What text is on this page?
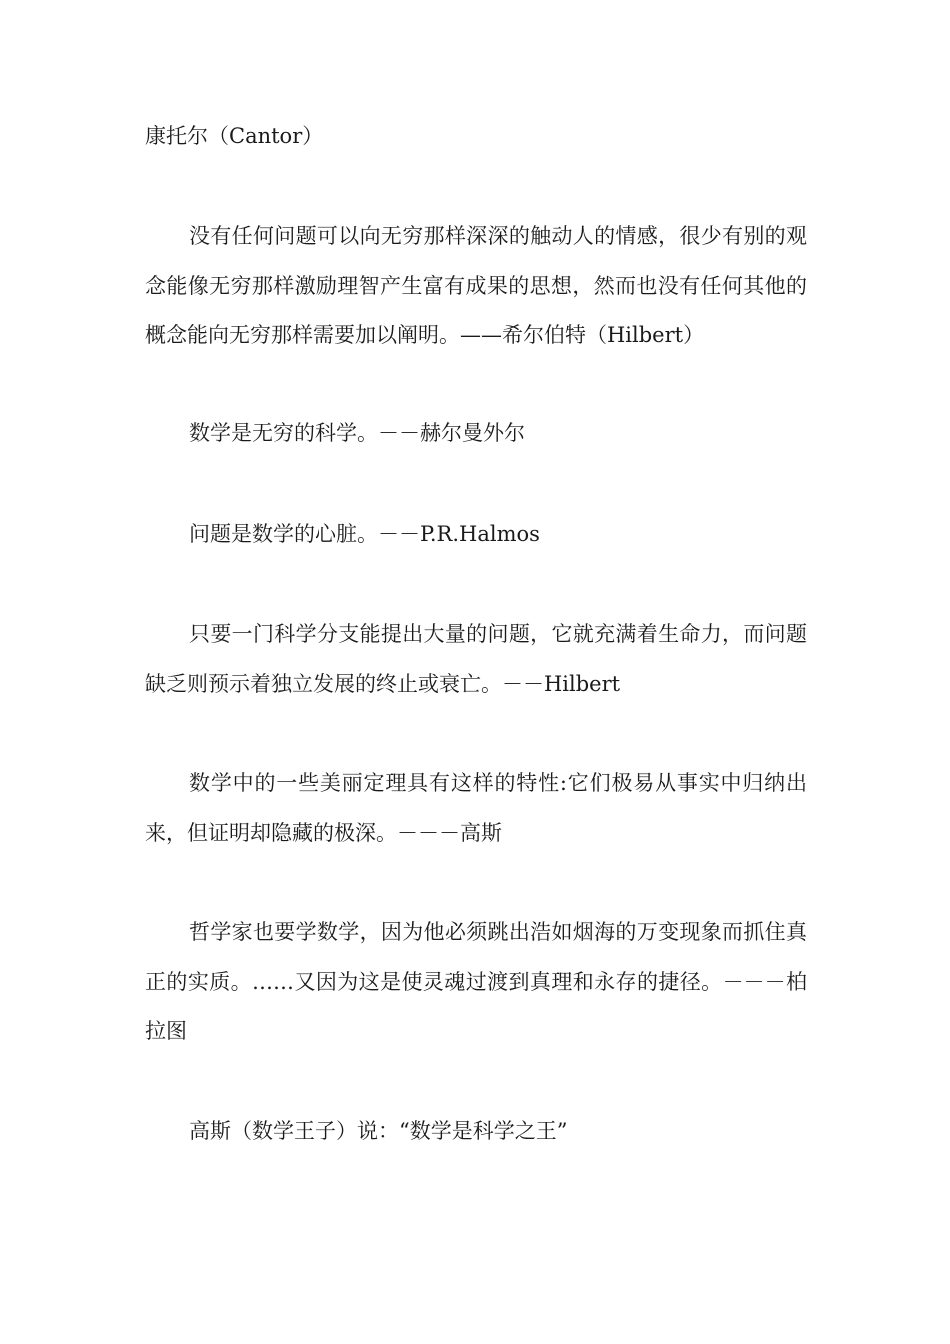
康托尔（Cantor）

没有任何问题可以向无穷那样深深的触动人的情感，很少有别的观念能像无穷那样激励理智产生富有成果的思想，然而也没有任何其他的概念能向无穷那样需要加以阐明。——希尔伯特（Hilbert）

数学是无穷的科学。－－赫尔曼外尔

问题是数学的心脏。－－P.R.Halmos

只要一门科学分支能提出大量的问题，它就充满着生命力，而问题缺乏则预示着独立发展的终止或衰亡。－－Hilbert

数学中的一些美丽定理具有这样的特性:它们极易从事实中归纳出来，但证明却隐藏的极深。－－－高斯

哲学家也要学数学，因为他必须跳出浩如烟海的万变现象而抓住真正的实质。……又因为这是使灵魂过渡到真理和永存的捷径。－－－柏拉图

高斯（数学王子）说：“数学是科学之王”
